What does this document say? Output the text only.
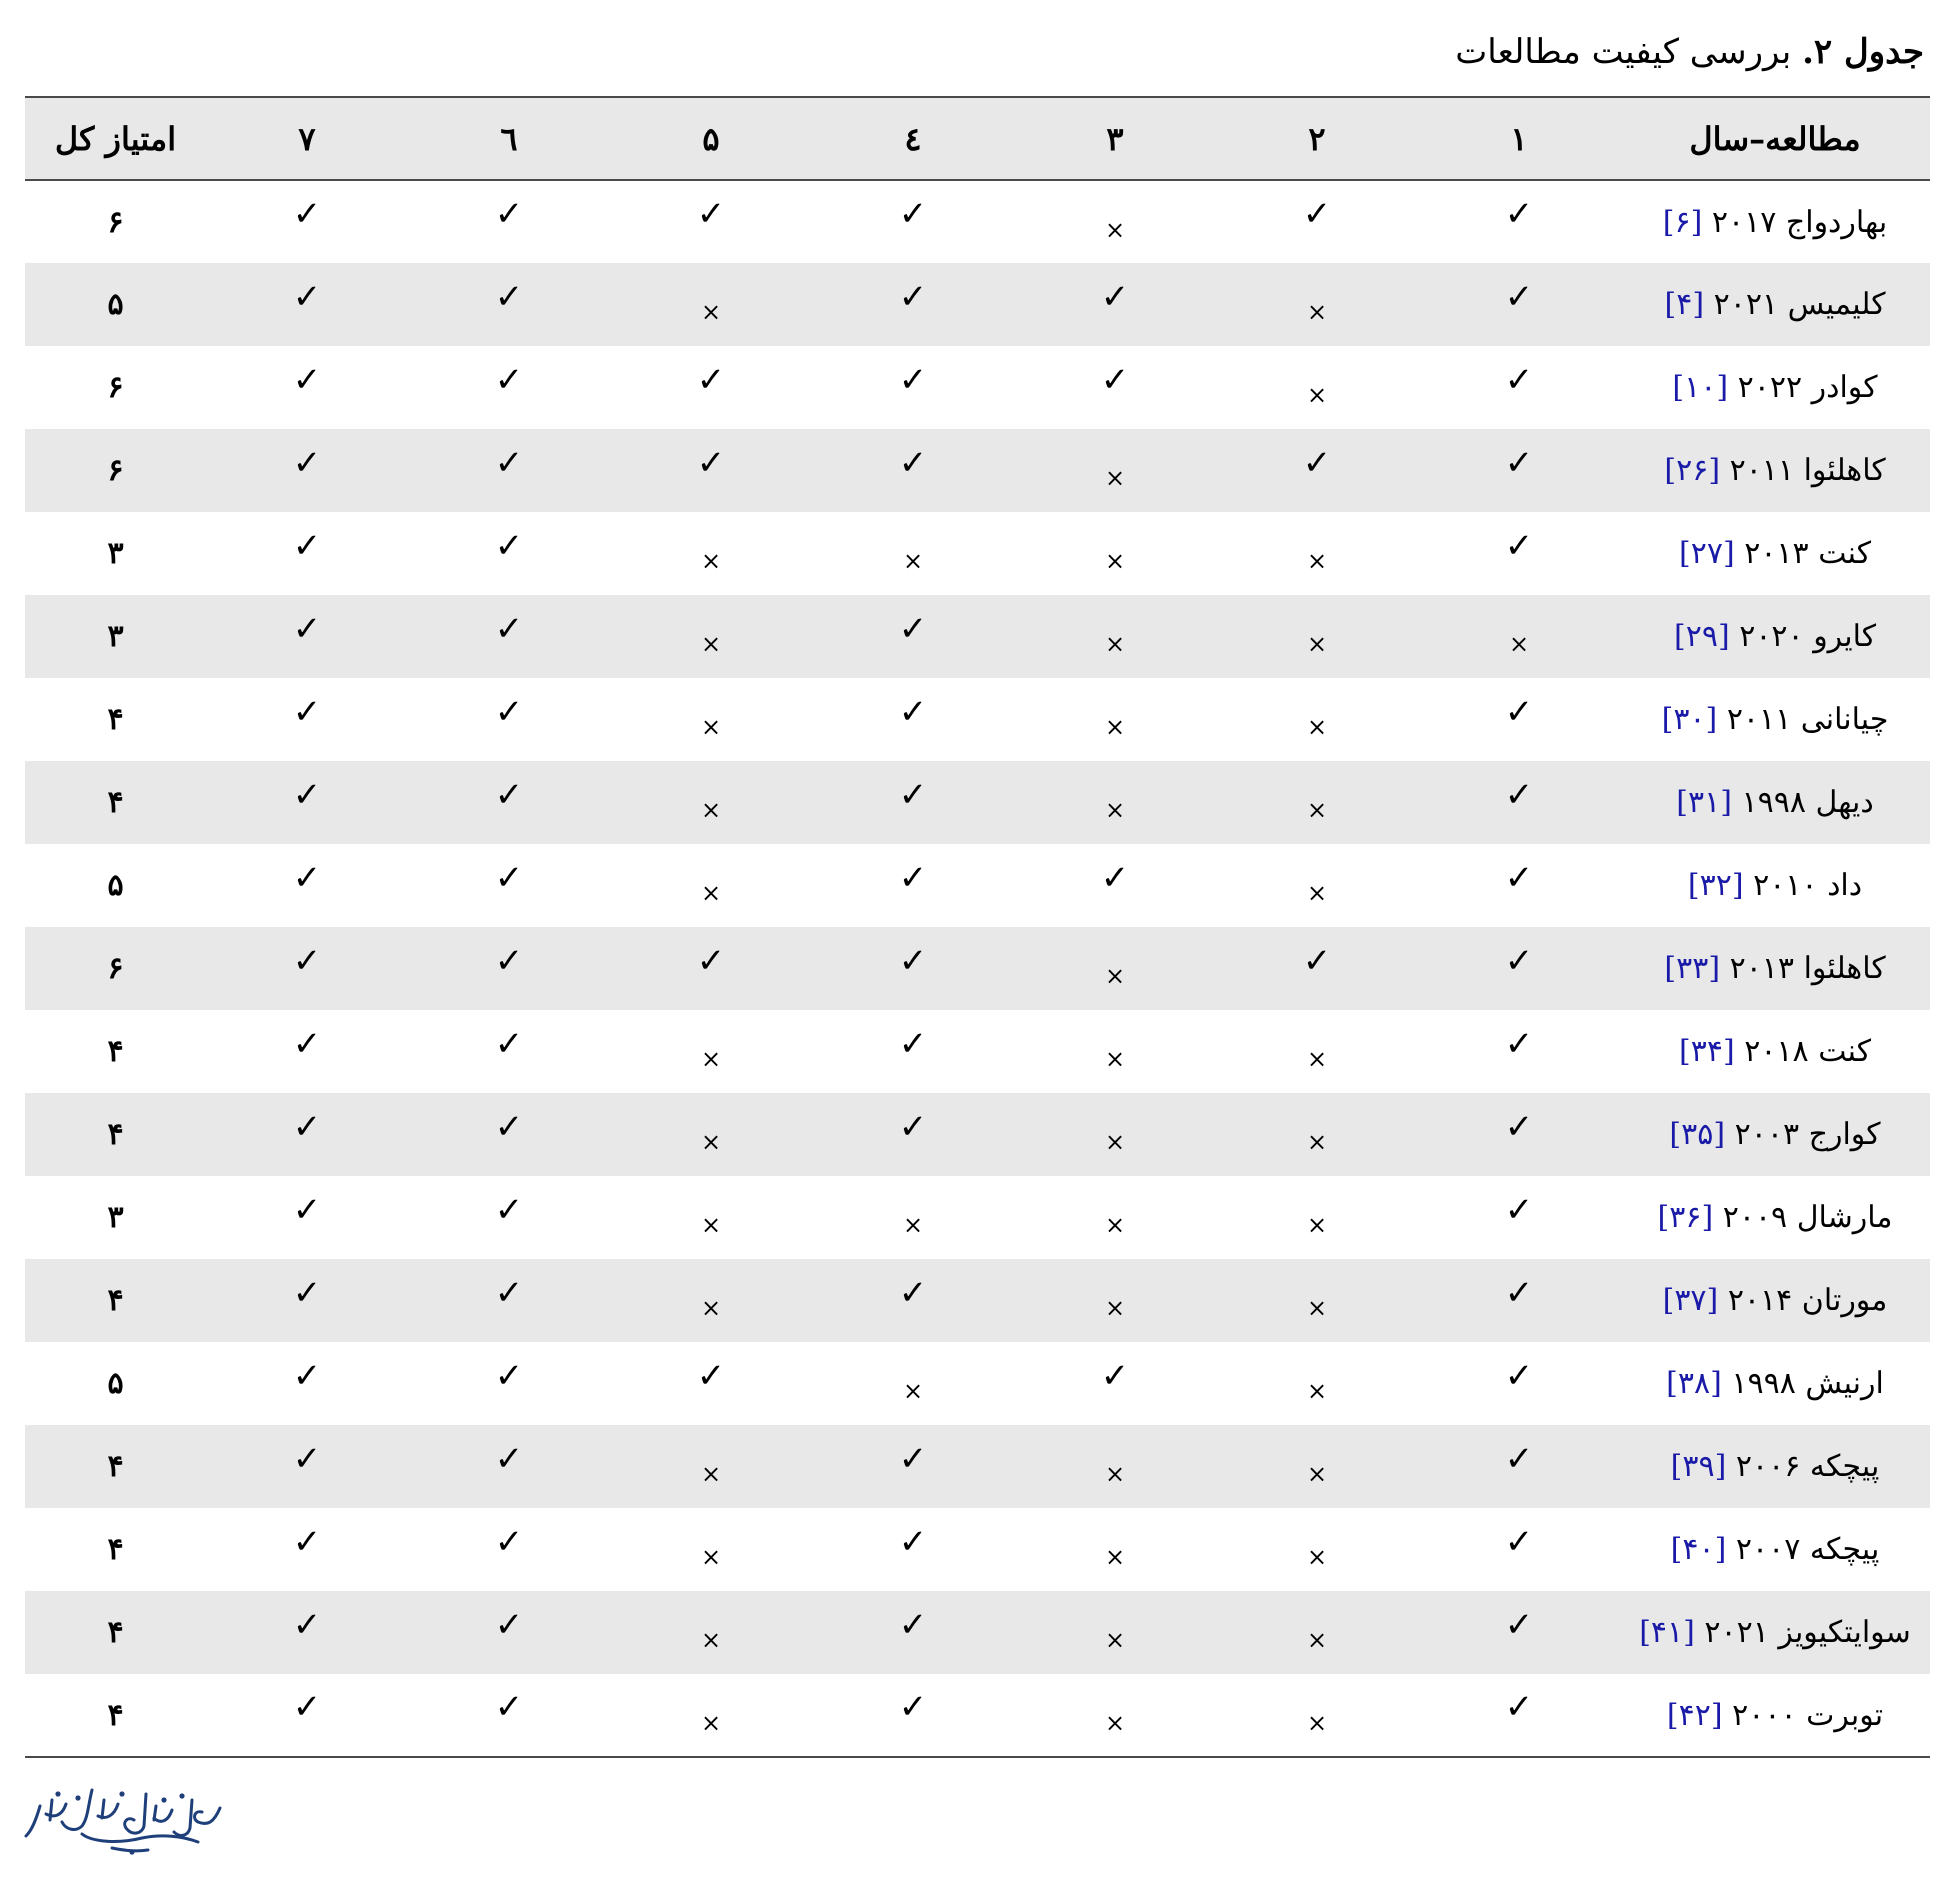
جدول ۲. بررسی کیفیت مطالعات
مطالعه–سال	۱	۲	۳	٤	۵	٦	۷	امتیاز کل
بهاردواج ۲۰۱۷ [۶]	✓	✓	$_\times$	✓	✓	✓	✓	۶
کلیمیس ۲۰۲۱ [۴]	✓	$_\times$	✓	✓	$_\times$	✓	✓	۵
کوادر ۲۰۲۲ [۱۰]	✓	$_\times$	✓	✓	✓	✓	✓	۶
کاهلئوا ۲۰۱۱ [۲۶]	✓	✓	$_\times$	✓	✓	✓	✓	۶
کنت ۲۰۱۳ [۲۷]	✓	$_\times$	$_\times$	$_\times$	$_\times$	✓	✓	۳
کایرو ۲۰۲۰ [۲۹]	$_\times$	$_\times$	$_\times$	✓	$_\times$	✓	✓	۳
چیانانی ۲۰۱۱ [۳۰]	✓	$_\times$	$_\times$	✓	$_\times$	✓	✓	۴
دیهل ۱۹۹۸ [۳۱]	✓	$_\times$	$_\times$	✓	$_\times$	✓	✓	۴
داد ۲۰۱۰ [۳۲]	✓	$_\times$	✓	✓	$_\times$	✓	✓	۵
کاهلئوا ۲۰۱۳ [۳۳]	✓	✓	$_\times$	✓	✓	✓	✓	۶
کنت ۲۰۱۸ [۳۴]	✓	$_\times$	$_\times$	✓	$_\times$	✓	✓	۴
کوارج ۲۰۰۳ [۳۵]	✓	$_\times$	$_\times$	✓	$_\times$	✓	✓	۴
مارشال ۲۰۰۹ [۳۶]	✓	$_\times$	$_\times$	$_\times$	$_\times$	✓	✓	۳
مورتان ۲۰۱۴ [۳۷]	✓	$_\times$	$_\times$	✓	$_\times$	✓	✓	۴
ارنیش ۱۹۹۸ [۳۸]	✓	$_\times$	✓	$_\times$	✓	✓	✓	۵
پیچکه ۲۰۰۶ [۳۹]	✓	$_\times$	$_\times$	✓	$_\times$	✓	✓	۴
پیچکه ۲۰۰۷ [۴۰]	✓	$_\times$	$_\times$	✓	$_\times$	✓	✓	۴
سوایتکیویز ۲۰۲۱ [۴۱]	✓	$_\times$	$_\times$	✓	$_\times$	✓	✓	۴
توبرت ۲۰۰۰ [۴۲]	✓	$_\times$	$_\times$	✓	$_\times$	✓	✓	۴
